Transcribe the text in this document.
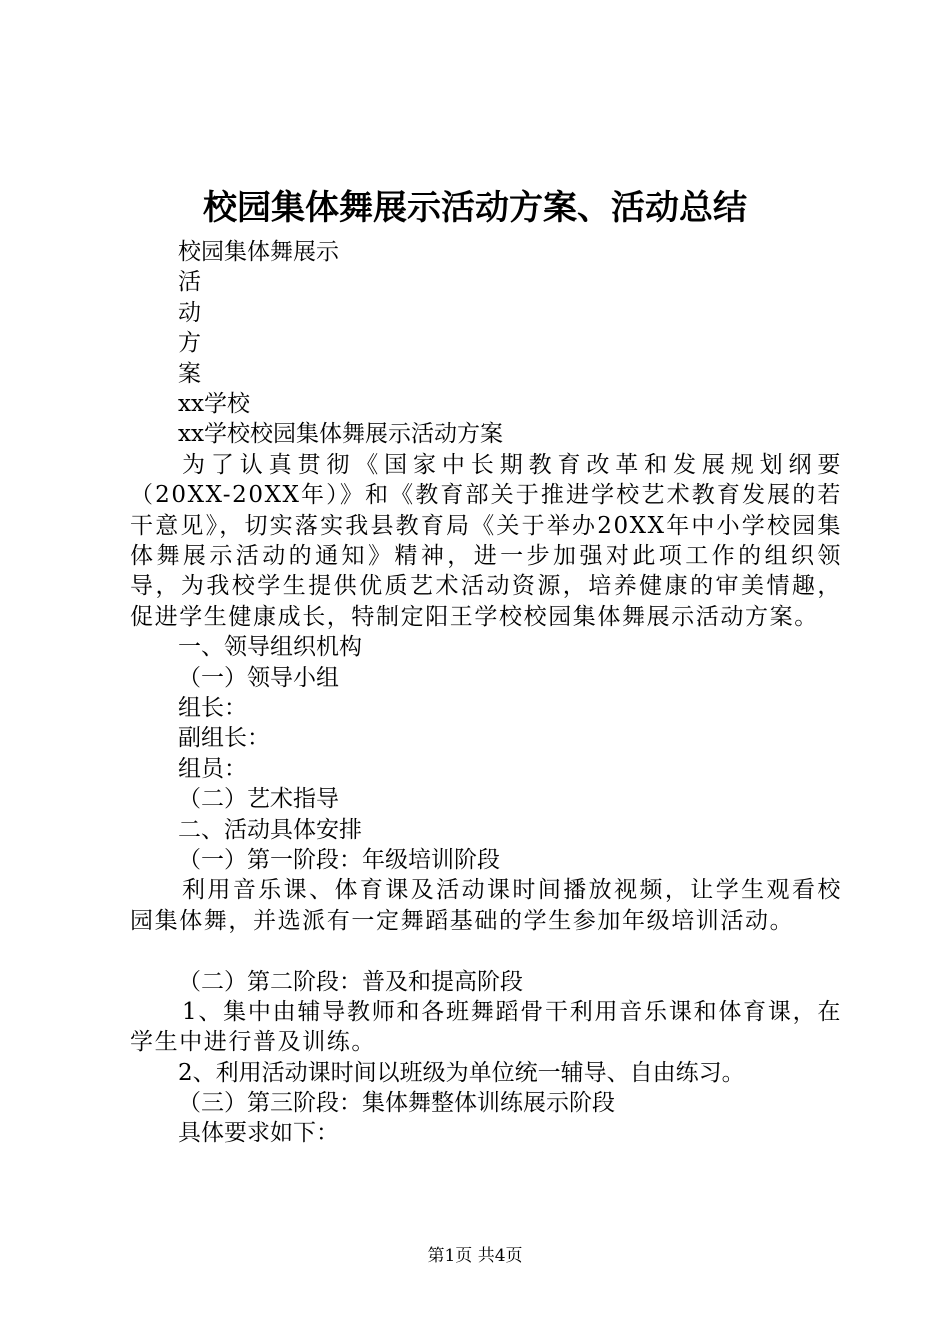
校园集体舞展示活动方案、活动总结
校园集体舞展示
活
动
方
案
xx学校
xx学校校园集体舞展示活动方案
为了认真贯彻《国家中长期教育改革和发展规划纲要（20XX-20XX年）》和《教育部关于推进学校艺术教育发展的若干意见》，切实落实我县教育局《关于举办20XX年中小学校园集体舞展示活动的通知》精神，进一步加强对此项工作的组织领导，为我校学生提供优质艺术活动资源，培养健康的审美情趣，促进学生健康成长，特制定阳王学校校园集体舞展示活动方案。
一、领导组织机构
（一）领导小组
组长：
副组长：
组员：
（二）艺术指导
二、活动具体安排
（一）第一阶段：年级培训阶段
利用音乐课、体育课及活动课时间播放视频，让学生观看校园集体舞，并选派有一定舞蹈基础的学生参加年级培训活动。
（二）第二阶段：普及和提高阶段
1、集中由辅导教师和各班舞蹈骨干利用音乐课和体育课，在学生中进行普及训练。
2、利用活动课时间以班级为单位统一辅导、自由练习。
（三）第三阶段：集体舞整体训练展示阶段
具体要求如下：
第1页 共4页
